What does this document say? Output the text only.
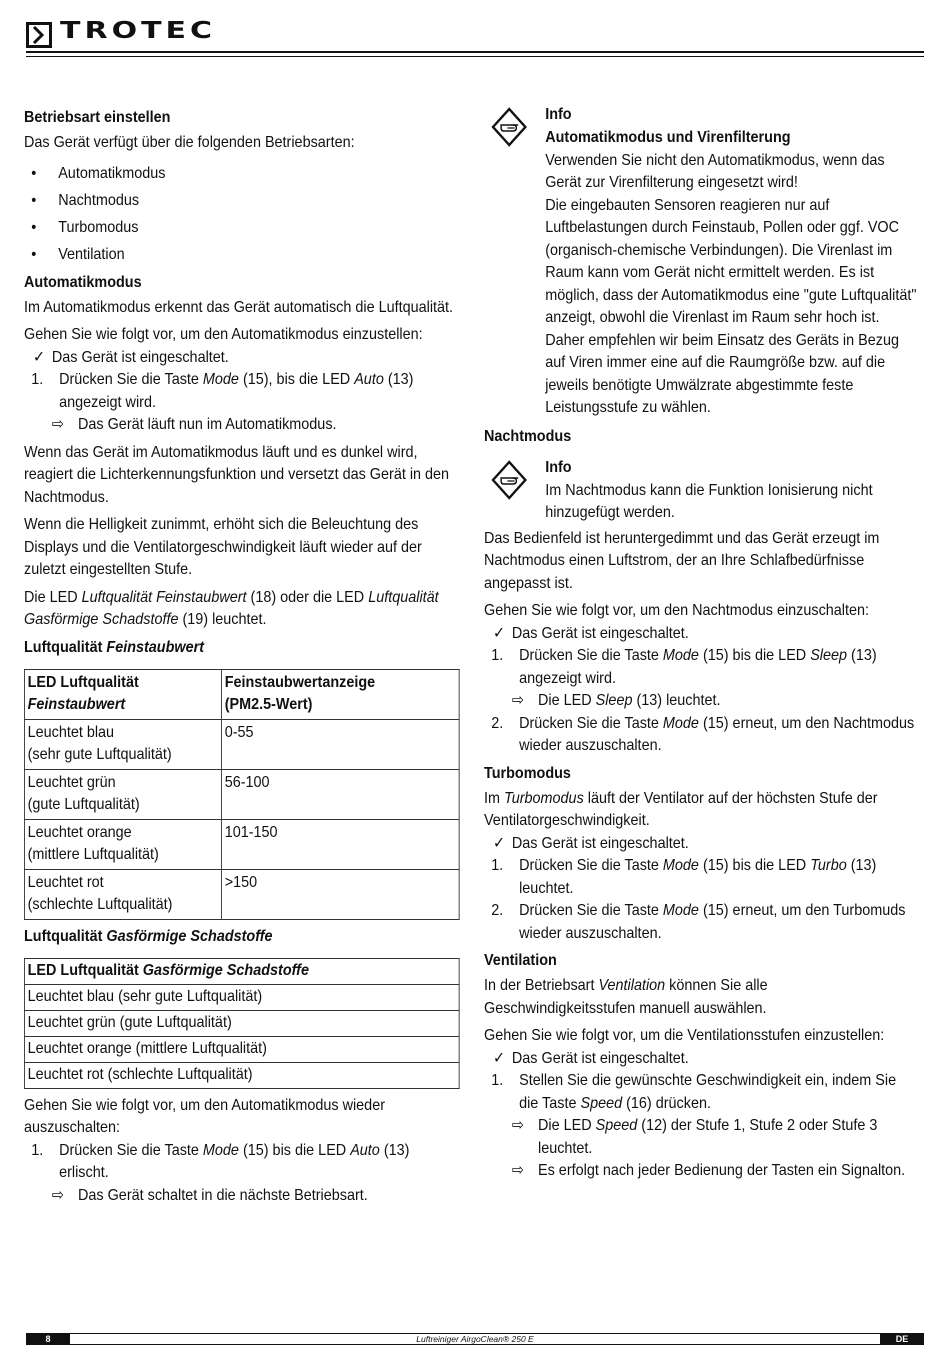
TROTEC
Betriebsart einstellen

Das Gerät verfügt über die folgenden Betriebsarten:

• Automatikmodus
• Nachtmodus
• Turbomodus
• Ventilation
Automatikmodus

Im Automatikmodus erkennt das Gerät automatisch die Luftqualität.

Gehen Sie wie folgt vor, um den Automatikmodus einzustellen:
✓ Das Gerät ist eingeschaltet.
1. Drücken Sie die Taste Mode (15), bis die LED Auto (13) angezeigt wird.
⇨ Das Gerät läuft nun im Automatikmodus.

Wenn das Gerät im Automatikmodus läuft und es dunkel wird, reagiert die Lichterkennungsfunktion und versetzt das Gerät in den Nachtmodus.

Wenn die Helligkeit zunimmt, erhöht sich die Beleuchtung des Displays und die Ventilatorgeschwindigkeit läuft wieder auf der zuletzt eingestellten Stufe.

Die LED Luftqualität Feinstaubwert (18) oder die LED Luftqualität Gasförmige Schadstoffe (19) leuchtet.

Luftqualität Feinstaubwert
LED Luftqualität
Feinstaubwert	Feinstaubwertanzeige
(PM2.5-Wert)
Leuchtet blau
(sehr gute Luftqualität)	0-55
Leuchtet grün
(gute Luftqualität)	56-100
Leuchtet orange
(mittlere Luftqualität)	101-150
Leuchtet rot
(schlechte Luftqualität)	>150
Luftqualität Gasförmige Schadstoffe
LED Luftqualität Gasförmige Schadstoffe
Leuchtet blau (sehr gute Luftqualität)
Leuchtet grün (gute Luftqualität)
Leuchtet orange (mittlere Luftqualität)
Leuchtet rot (schlechte Luftqualität)
Gehen Sie wie folgt vor, um den Automatikmodus wieder auszuschalten:
1. Drücken Sie die Taste Mode (15) bis die LED Auto (13) erlischt.
⇨ Das Gerät schaltet in die nächste Betriebsart.
Info
Automatikmodus und Virenfilterung
Verwenden Sie nicht den Automatikmodus, wenn das Gerät zur Virenfilterung eingesetzt wird!
Die eingebauten Sensoren reagieren nur auf Luftbelastungen durch Feinstaub, Pollen oder ggf. VOC (organisch-chemische Verbindungen). Die Virenlast im Raum kann vom Gerät nicht ermittelt werden. Es ist möglich, dass der Automatikmodus eine "gute Luftqualität" anzeigt, obwohl die Virenlast im Raum sehr hoch ist.
Daher empfehlen wir beim Einsatz des Geräts in Bezug auf Viren immer eine auf die Raumgröße bzw. auf die jeweils benötigte Umwälzrate abgestimmte feste Leistungsstufe zu wählen.
Nachtmodus
Info
Im Nachtmodus kann die Funktion Ionisierung nicht hinzugefügt werden.

Das Bedienfeld ist heruntergedimmt und das Gerät erzeugt im Nachtmodus einen Luftstrom, der an Ihre Schlafbedürfnisse angepasst ist.

Gehen Sie wie folgt vor, um den Nachtmodus einzuschalten:
✓ Das Gerät ist eingeschaltet.
1. Drücken Sie die Taste Mode (15) bis die LED Sleep (13) angezeigt wird.
⇨ Die LED Sleep (13) leuchtet.
2. Drücken Sie die Taste Mode (15) erneut, um den Nachtmodus wieder auszuschalten.
Turbomodus
Im Turbomodus läuft der Ventilator auf der höchsten Stufe der Ventilatorgeschwindigkeit.
✓ Das Gerät ist eingeschaltet.
1. Drücken Sie die Taste Mode (15) bis die LED Turbo (13) leuchtet.
2. Drücken Sie die Taste Mode (15) erneut, um den Turbomuds wieder auszuschalten.
Ventilation

In der Betriebsart Ventilation können Sie alle Geschwindigkeitsstufen manuell auswählen.

Gehen Sie wie folgt vor, um die Ventilationsstufen einzustellen:
✓ Das Gerät ist eingeschaltet.
1. Stellen Sie die gewünschte Geschwindigkeit ein, indem Sie die Taste Speed (16) drücken.
⇨ Die LED Speed (12) der Stufe 1, Stufe 2 oder Stufe 3 leuchtet.
⇨ Es erfolgt nach jeder Bedienung der Tasten ein Signalton.
Luftreiniger AirgoClean® 250 E
8	DE
